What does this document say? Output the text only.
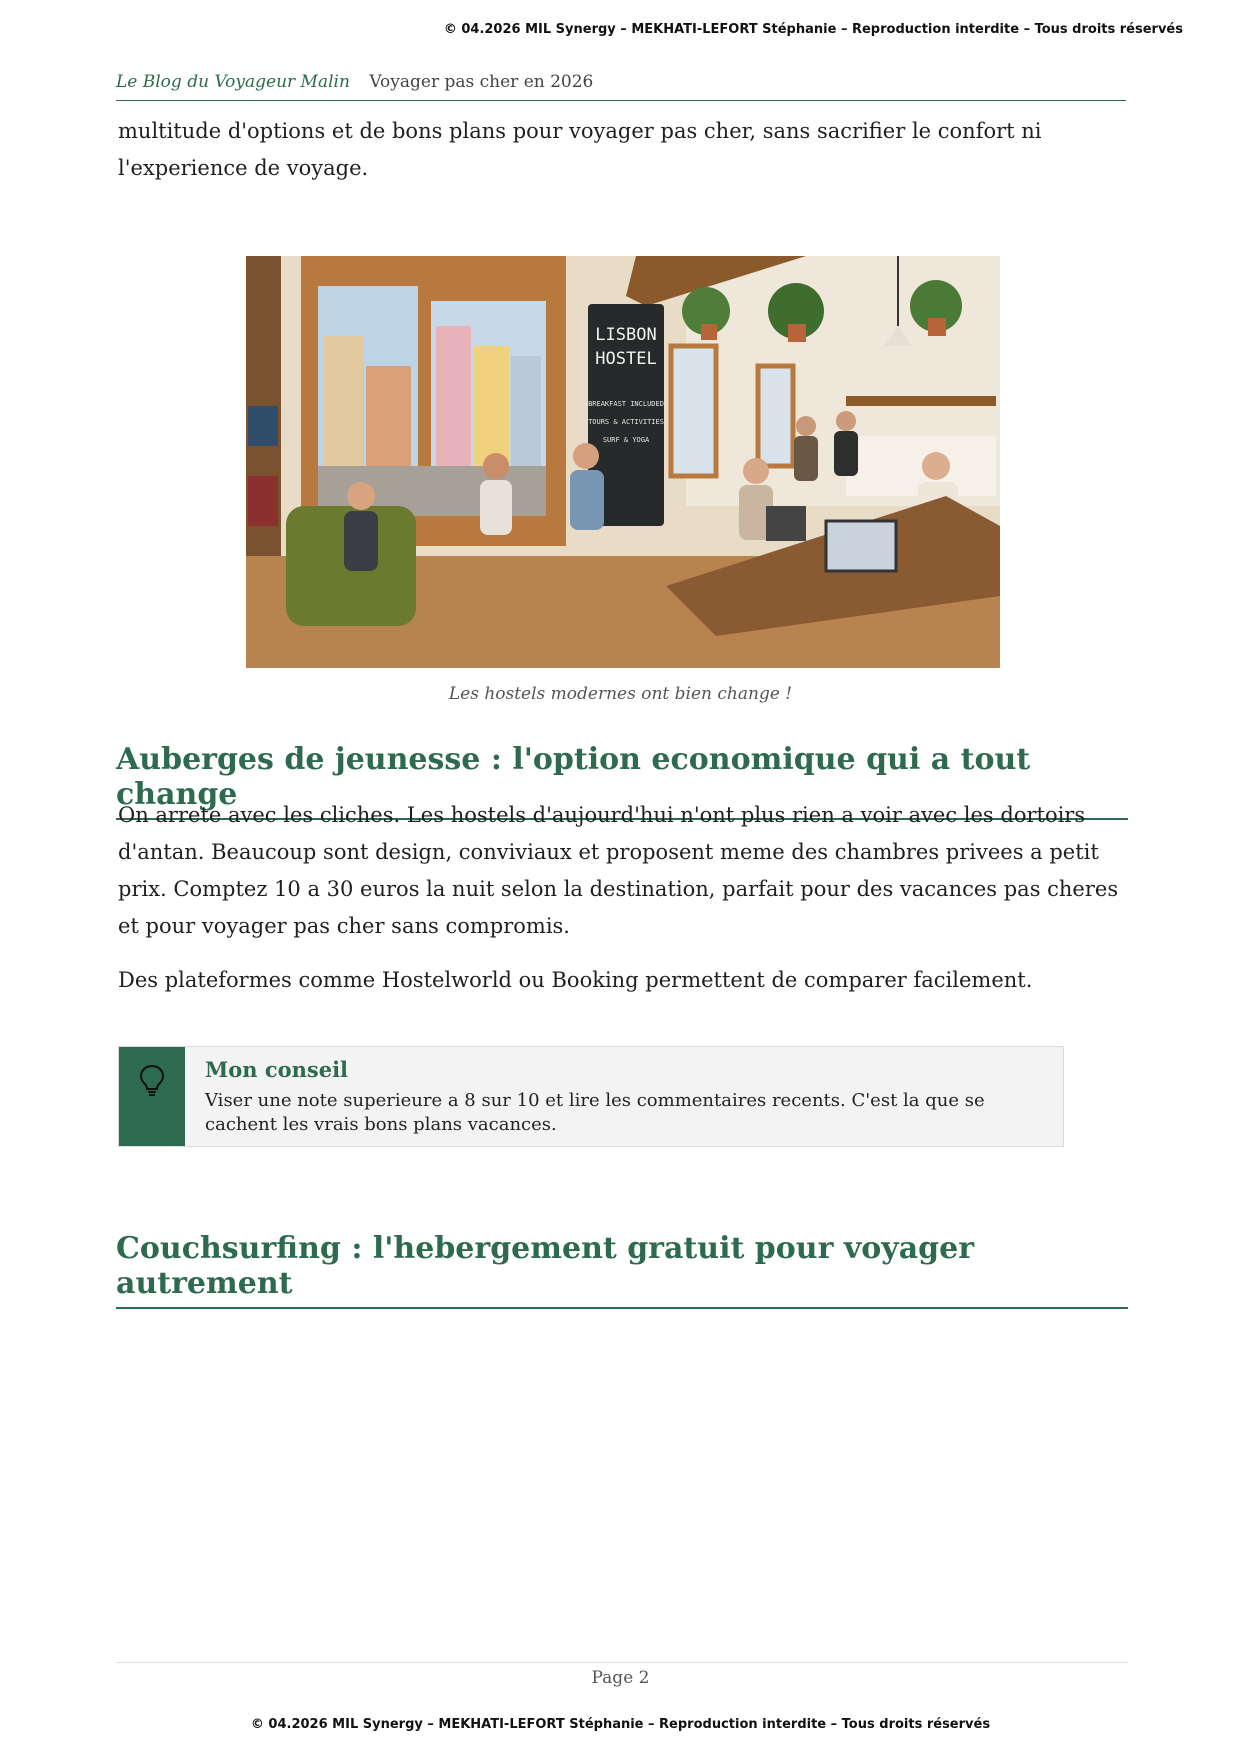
© 04.2026 MIL Synergy – MEKHATI-LEFORT Stéphanie – Reproduction interdite – Tous droits réservés
Le Blog du Voyageur Malin Voyager pas cher en 2026

multitude d'options et de bons plans pour voyager pas cher, sans sacrifier le confort ni l'experience de voyage.

LISBON
HOSTEL
BREAKFAST INCLUDED
TOURS & ACTIVITIES
SURF & YOGA
Les hostels modernes ont bien change !
Auberges de jeunesse : l'option economique qui a tout change

On arrete avec les cliches. Les hostels d'aujourd'hui n'ont plus rien a voir avec les dortoirs d'antan. Beaucoup sont design, conviviaux et proposent meme des chambres privees a petit prix. Comptez 10 a 30 euros la nuit selon la destination, parfait pour des vacances pas cheres et pour voyager pas cher sans compromis.

Des plateformes comme Hostelworld ou Booking permettent de comparer facilement.

Mon conseil
Viser une note superieure a 8 sur 10 et lire les commentaires recents. C'est la que se cachent les vrais bons plans vacances.
Couchsurfing : l'hebergement gratuit pour voyager autrement
Page 2
© 04.2026 MIL Synergy – MEKHATI-LEFORT Stéphanie – Reproduction interdite – Tous droits réservés
